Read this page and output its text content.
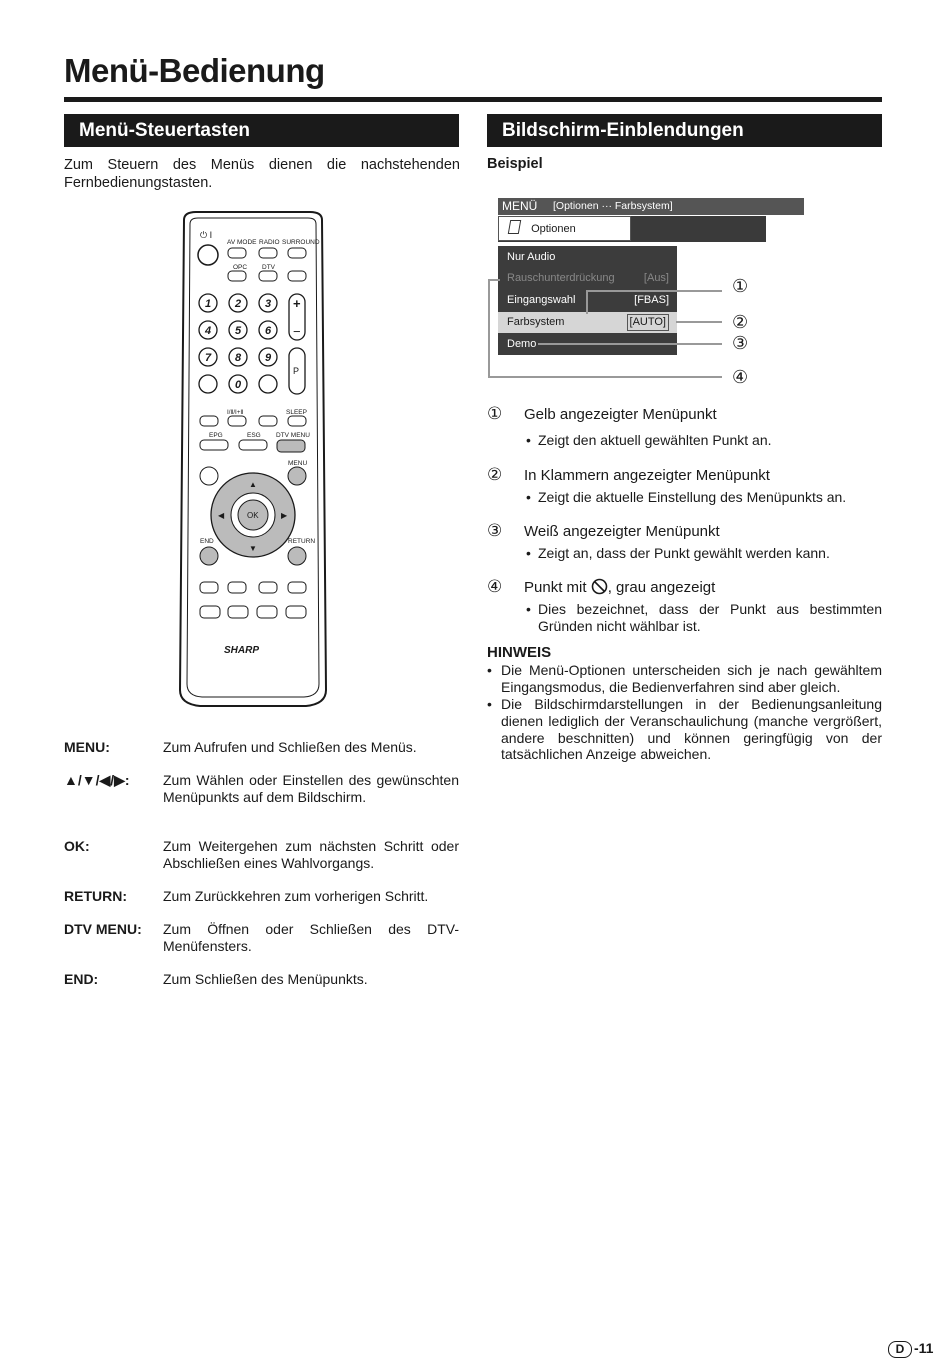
Menü-Bedienung
Menü-Steuertasten	Bildschirm-Einblendungen
Zum Steuern des Menüs dienen die nachstehenden Fernbedienungstasten.
Beispiel
⏻ I
AV MODE RADIO SURROUND
OPC DTV
1 2 3
4 5 6
7 8 9
0
+
−
P
Ⅰ/Ⅱ/Ⅰ+Ⅱ	SLEEP
EPG	ESG DTV MENU
MENU
OK
▲
▼
◀	▶
END	RETURN
SHARP
MENU:	Zum Aufrufen und Schließen des Menüs.
▲/▼/◀/▶: Zum Wählen oder Einstellen des gewünschten Menüpunkts auf dem Bildschirm.
OK:	Zum Weitergehen zum nächsten Schritt oder Abschließen eines Wahlvorgangs.
RETURN:	Zum Zurückkehren zum vorherigen Schritt.
DTV MENU: Zum Öffnen oder Schließen des DTV-Menüfensters.
END:	Zum Schließen des Menüpunkts.
MENÜ [Optionen ··· Farbsystem]
Optionen
Nur Audio
Rauschunterdrückung	[Aus]
Eingangswahl	[FBAS]
Farbsystem	[AUTO]
Demo
①
②
③
④
① Gelb angezeigter Menüpunkt
• Zeigt den aktuell gewählten Punkt an.
② In Klammern angezeigter Menüpunkt
• Zeigt die aktuelle Einstellung des Menüpunkts an.
③ Weiß angezeigter Menüpunkt
• Zeigt an, dass der Punkt gewählt werden kann.
④ Punkt mit , grau angezeigt
• Dies bezeichnet, dass der Punkt aus bestimmten Gründen nicht wählbar ist.
HINWEIS
• Die Menü-Optionen unterscheiden sich je nach gewähltem Eingangsmodus, die Bedienverfahren sind aber gleich.
• Die Bildschirmdarstellungen in der Bedienungsanleitung dienen lediglich der Veranschaulichung (manche vergrößert, andere beschnitten) und können geringfügig von der tatsächlichen Anzeige abweichen.
D -11
